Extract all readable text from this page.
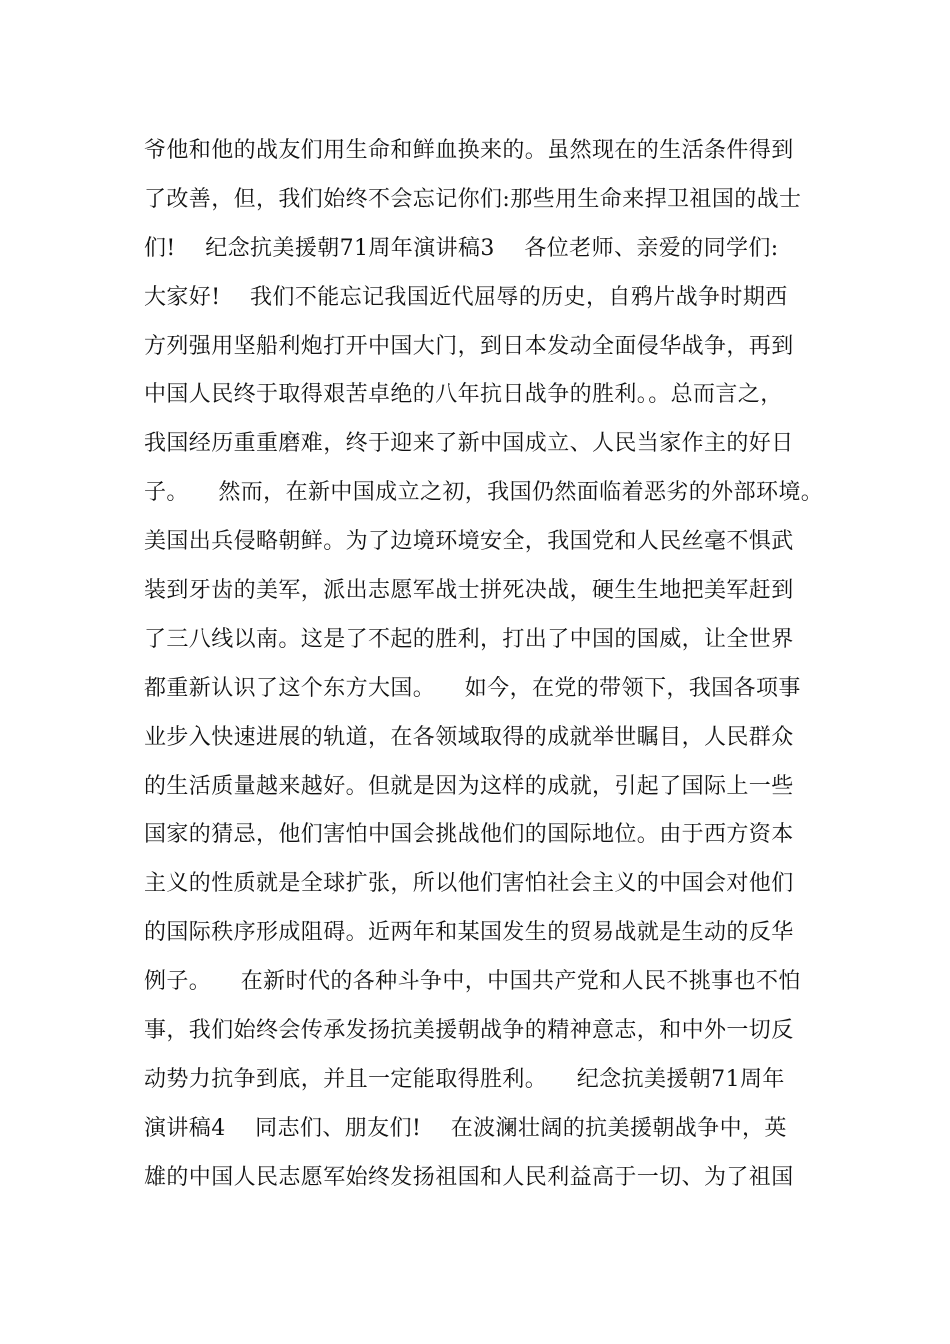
爷他和他的战友们用生命和鲜血换来的。虽然现在的生活条件得到
了改善，但，我们始终不会忘记你们:那些用生命来捍卫祖国的战士
们!    纪念抗美援朝71周年演讲稿3    各位老师、亲爱的同学们:
大家好!    我们不能忘记我国近代屈辱的历史，自鸦片战争时期西
方列强用坚船利炮打开中国大门，到日本发动全面侵华战争，再到
中国人民终于取得艰苦卓绝的八年抗日战争的胜利。。总而言之，
我国经历重重磨难，终于迎来了新中国成立、人民当家作主的好日
子。    然而，在新中国成立之初，我国仍然面临着恶劣的外部环境。
美国出兵侵略朝鲜。为了边境环境安全，我国党和人民丝毫不惧武
装到牙齿的美军，派出志愿军战士拼死决战，硬生生地把美军赶到
了三八线以南。这是了不起的胜利，打出了中国的国威，让全世界
都重新认识了这个东方大国。    如今，在党的带领下，我国各项事
业步入快速进展的轨道，在各领域取得的成就举世瞩目，人民群众
的生活质量越来越好。但就是因为这样的成就，引起了国际上一些
国家的猜忌，他们害怕中国会挑战他们的国际地位。由于西方资本
主义的性质就是全球扩张，所以他们害怕社会主义的中国会对他们
的国际秩序形成阻碍。近两年和某国发生的贸易战就是生动的反华
例子。    在新时代的各种斗争中，中国共产党和人民不挑事也不怕
事，我们始终会传承发扬抗美援朝战争的精神意志，和中外一切反
动势力抗争到底，并且一定能取得胜利。    纪念抗美援朝71周年
演讲稿4    同志们、朋友们!    在波澜壮阔的抗美援朝战争中，英
雄的中国人民志愿军始终发扬祖国和人民利益高于一切、为了祖国
